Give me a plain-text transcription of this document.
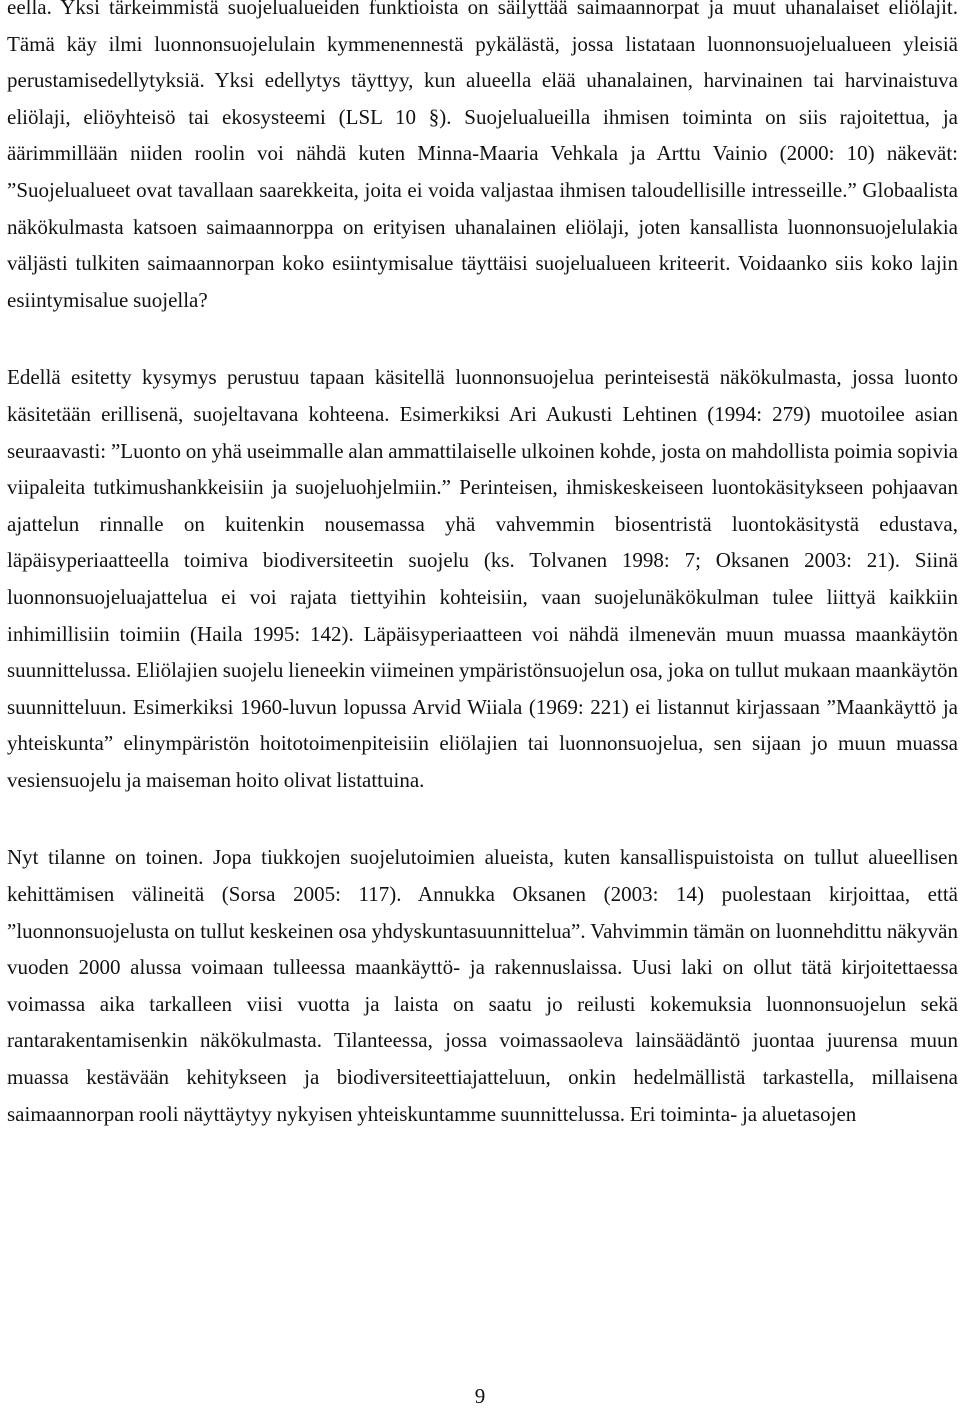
eella. Yksi tärkeimmistä suojelualueiden funktioista on säilyttää saimaannorpat ja muut uhanalaiset eliölajit. Tämä käy ilmi luonnonsuojelulain kymmenennestä pykälästä, jossa listataan luonnonsuojelualueen yleisiä perustamisedellytyksiä. Yksi edellytys täyttyy, kun alueella elää uhanalainen, harvinainen tai harvinaistuva eliölaji, eliöyhteisö tai ekosysteemi (LSL 10 §). Suojelualueilla ihmisen toiminta on siis rajoitettua, ja äärimmillään niiden roolin voi nähdä kuten Minna-Maaria Vehkala ja Arttu Vainio (2000: 10) näkevät: ”Suojelualueet ovat tavallaan saarekkeita, joita ei voida valjastaa ihmisen taloudellisille intresseille.” Globaalista näkökulmasta katsoen saimaannorppa on erityisen uhanalainen eliölaji, joten kansallista luonnonsuojelulakia väljästi tulkiten saimaannorpan koko esiintymisalue täyttäisi suojelualueen kriteerit. Voidaanko siis koko lajin esiintymisalue suojella?

Edellä esitetty kysymys perustuu tapaan käsitellä luonnonsuojelua perinteisestä näkökulmasta, jossa luonto käsitetään erillisenä, suojeltavana kohteena. Esimerkiksi Ari Aukusti Lehtinen (1994: 279) muotoilee asian seuraavasti: ”Luonto on yhä useimmalle alan ammattilaiselle ulkoinen kohde, josta on mahdollista poimia sopivia viipaleita tutkimushankkeisiin ja suojeluohjelmiin.” Perinteisen, ihmiskeskeiseen luontokäsitykseen pohjaavan ajattelun rinnalle on kuitenkin nousemassa yhä vahvemmin biosentristä luontokäsitystä edustava, läpäisyperiaatteella toimiva biodiversiteetin suojelu (ks. Tolvanen 1998: 7; Oksanen 2003: 21). Siinä luonnonsuojeluajattelua ei voi rajata tiettyihin kohteisiin, vaan suojelunäkökulman tulee liittyä kaikkiin inhimillisiin toimiin (Haila 1995: 142). Läpäisyperiaatteen voi nähdä ilmenevän muun muassa maankäytön suunnittelussa. Eliölajien suojelu lieneekin viimeinen ympäristönsuojelun osa, joka on tullut mukaan maankäytön suunnitteluun. Esimerkiksi 1960-luvun lopussa Arvid Wiiala (1969: 221) ei listannut kirjassaan ”Maankäyttö ja yhteiskunta” elinympäristön hoitotoimenpiteisiin eliölajien tai luonnonsuojelua, sen sijaan jo muun muassa vesiensuojelu ja maiseman hoito olivat listattuina.

Nyt tilanne on toinen. Jopa tiukkojen suojelutoimien alueista, kuten kansallispuistoista on tullut alueellisen kehittämisen välineitä (Sorsa 2005: 117). Annukka Oksanen (2003: 14) puolestaan kirjoittaa, että ”luonnonsuojelusta on tullut keskeinen osa yhdyskuntasuunnittelua”. Vahvimmin tämän on luonnehdittu näkyvän vuoden 2000 alussa voimaan tulleessa maankäyttö- ja rakennuslaissa. Uusi laki on ollut tätä kirjoitettaessa voimassa aika tarkalleen viisi vuotta ja laista on saatu jo reilusti kokemuksia luonnonsuojelun sekä rantarakentamisenkin näkökulmasta. Tilanteessa, jossa voimassaoleva lainsäädäntö juontaa juurensa muun muassa kestävään kehitykseen ja biodiversiteettiajatteluun, onkin hedelmällistä tarkastella, millaisena saimaannorpan rooli näyttäytyy nykyisen yhteiskuntamme suunnittelussa. Eri toiminta- ja aluetasojen

9
